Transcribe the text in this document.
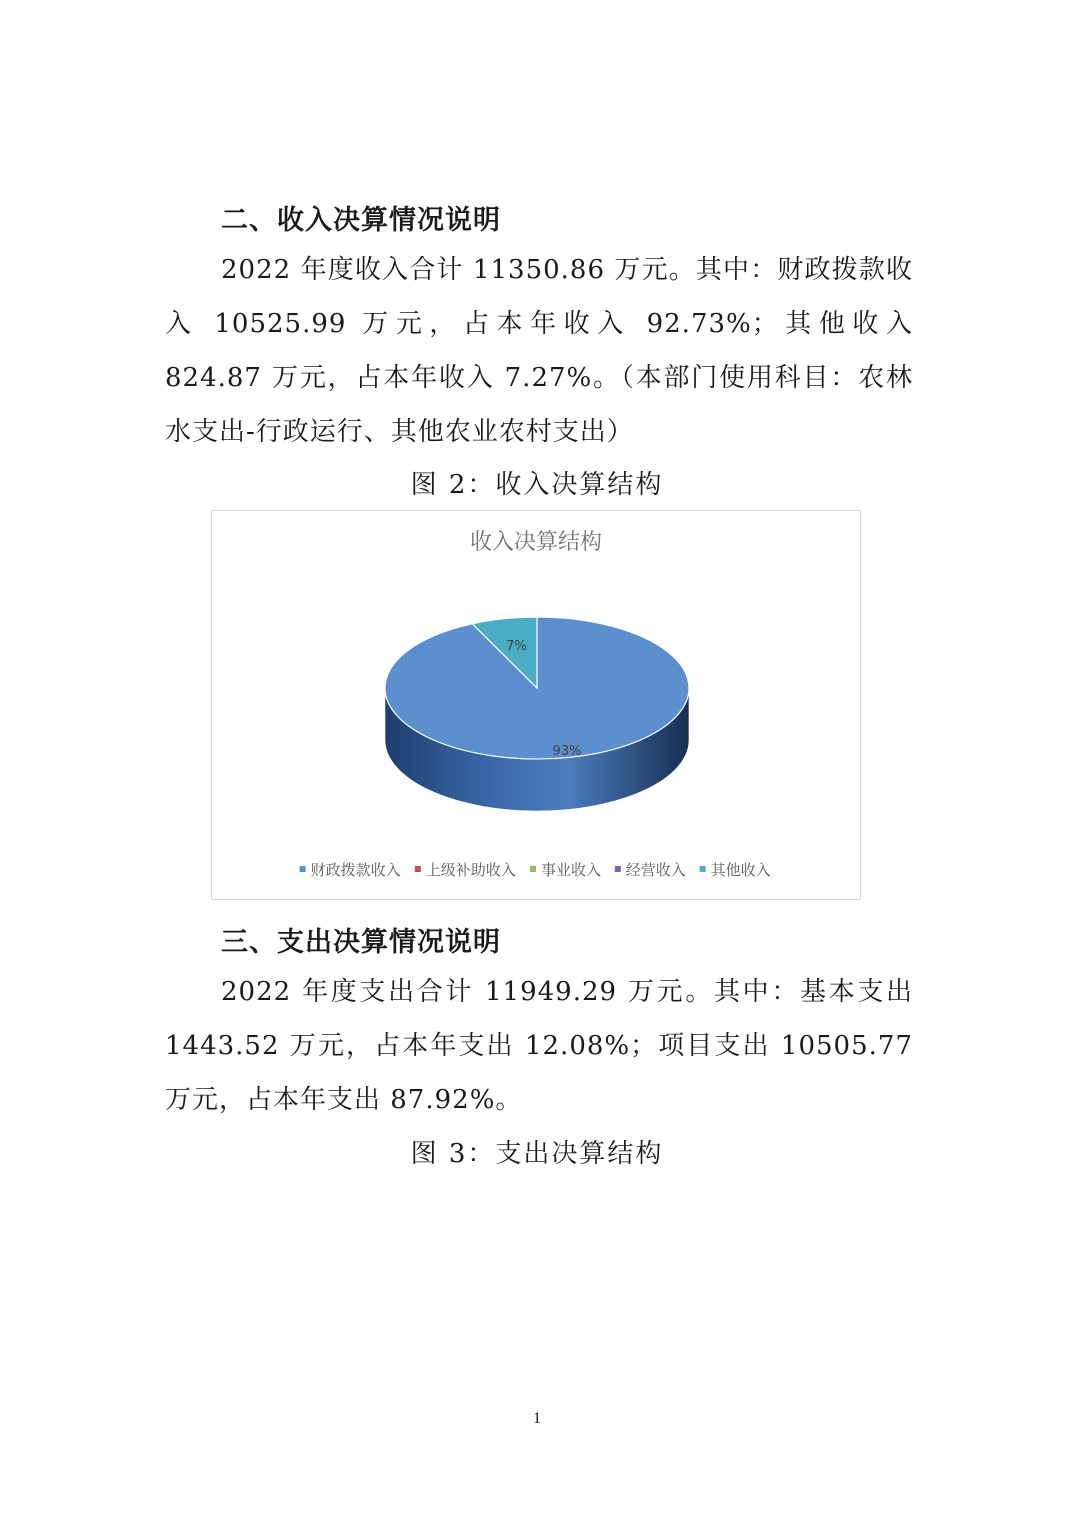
二、收入决算情况说明

2022 年度收入合计 11350.86 万元。其中：财政拨款收入 10525.99 万元，占本年收入 92.73%；其他收入 824.87 万元，占本年收入 7.27%。（本部门使用科目：农林水支出-行政运行、其他农业农村支出）

图 2：收入决算结构
收入决算结构
93%
7%
财政拨款收入 上级补助收入 事业收入 经营收入 其他收入
三、支出决算情况说明

2022 年度支出合计 11949.29 万元。其中：基本支出 1443.52 万元，占本年支出 12.08%；项目支出 10505.77 万元，占本年支出 87.92%。

图 3：支出决算结构
1
